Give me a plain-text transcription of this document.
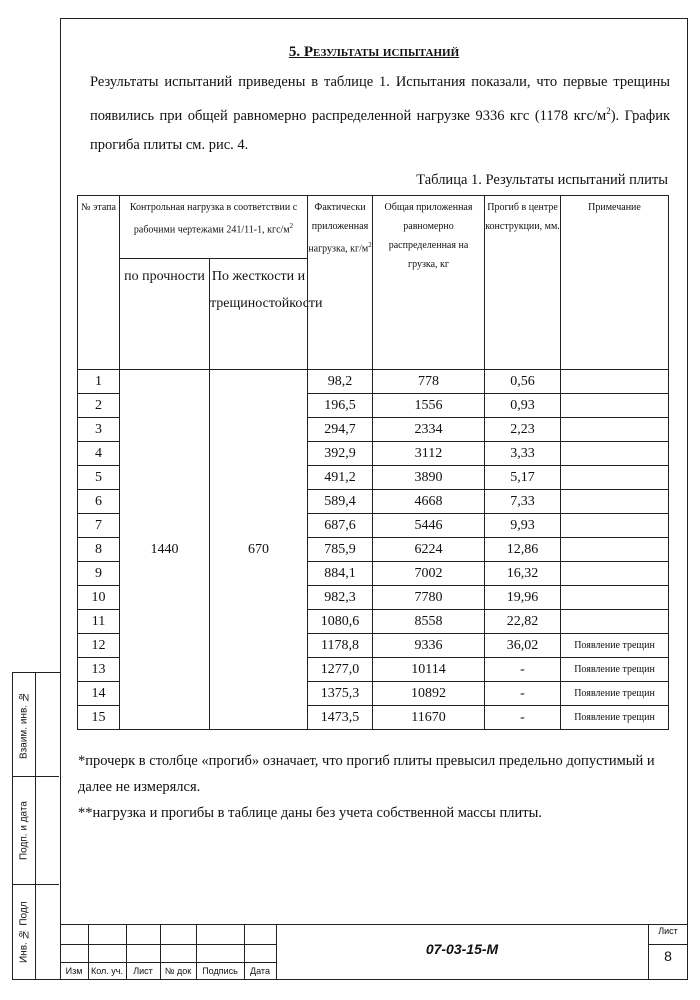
Взаим. инв. №
Подп. и дата
Инв. № Подл
5. Результаты испытаний
Результаты испытаний приведены в таблице 1. Испытания показали, что первые трещины
появились при общей равномерно распределенной нагрузке 9336 кгс (1178 кгс/$м^2$). График
прогиба плиты см. рис. 4.
Таблица 1. Результаты испытаний плиты
№ этапа	Контрольная нагрузка в соответствии с рабочими чертежами 241/11-1, кгс/$м^2$		Фактически приложенная нагрузка, $кг/м^2$	Общая приложенная равномерно распределенная на грузка, кг	Прогиб в центре конструкции, мм.	Примечание
	по прочности	По жесткости и трещиностойкости				
1	1440	670	98,2	778	0,56	
2			196,5	1556	0,93	
3			294,7	2334	2,23	
4			392,9	3112	3,33	
5			491,2	3890	5,17	
6			589,4	4668	7,33	
7			687,6	5446	9,93	
8			785,9	6224	12,86	
9			884,1	7002	16,32	
10			982,3	7780	19,96	
11			1080,6	8558	22,82	
12			1178,8	9336	36,02	Появление трещин
13			1277,0	10114	-	Появление трещин
14			1375,3	10892	-	Появление трещин
15			1473,5	11670	-	Появление трещин
*прочерк в столбце «прогиб» означает, что прогиб плиты превысил предельно допустимый и
далее не измерялся.
**нагрузка и прогибы в таблице даны без учета собственной массы плиты.
Изм Кол. уч.	Лист	№ док	Подпись	Дата
07-03-15-М
Лист
8
